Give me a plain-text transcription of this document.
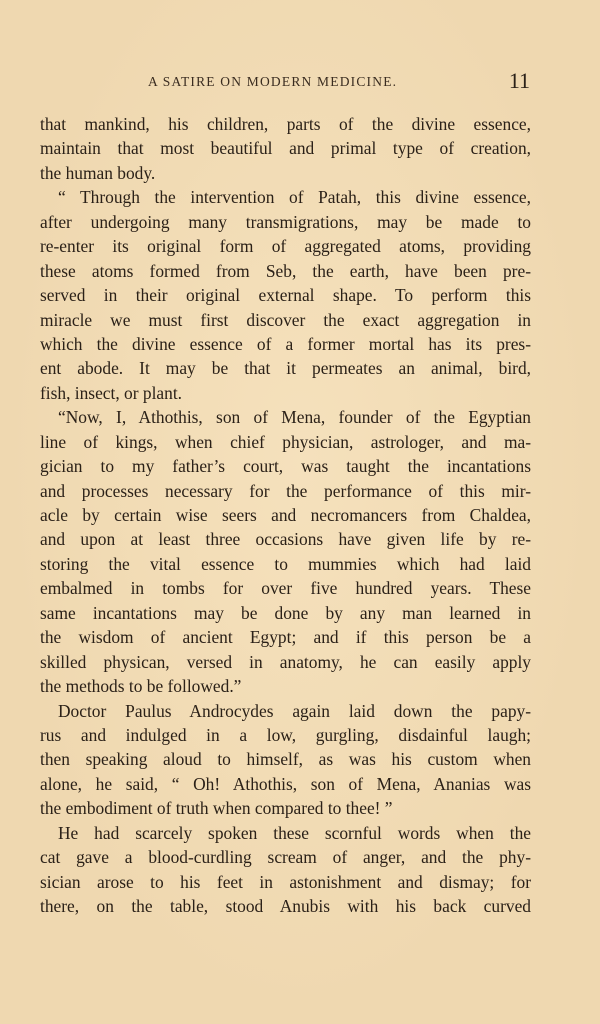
A SATIRE ON MODERN MEDICINE.	11
that mankind, his children, parts of the divine essence,
maintain that most beautiful and primal type of creation,
the human body.
“ Through the intervention of Patah, this divine essence,
after undergoing many transmigrations, may be made to
re-enter its original form of aggregated atoms, providing
these atoms formed from Seb, the earth, have been pre-
served in their original external shape. To perform this
miracle we must first discover the exact aggregation in
which the divine essence of a former mortal has its pres-
ent abode. It may be that it permeates an animal, bird,
fish, insect, or plant.
“Now, I, Athothis, son of Mena, founder of the Egyptian
line of kings, when chief physician, astrologer, and ma-
gician to my father’s court, was taught the incantations
and processes necessary for the performance of this mir-
acle by certain wise seers and necromancers from Chaldea,
and upon at least three occasions have given life by re-
storing the vital essence to mummies which had laid
embalmed in tombs for over five hundred years. These
same incantations may be done by any man learned in
the wisdom of ancient Egypt; and if this person be a
skilled physican, versed in anatomy, he can easily apply
the methods to be followed.”
Doctor Paulus Androcydes again laid down the papy-
rus and indulged in a low, gurgling, disdainful laugh;
then speaking aloud to himself, as was his custom when
alone, he said, “ Oh! Athothis, son of Mena, Ananias was
the embodiment of truth when compared to thee! ”
He had scarcely spoken these scornful words when the
cat gave a blood-curdling scream of anger, and the phy-
sician arose to his feet in astonishment and dismay; for
there, on the table, stood Anubis with his back curved
